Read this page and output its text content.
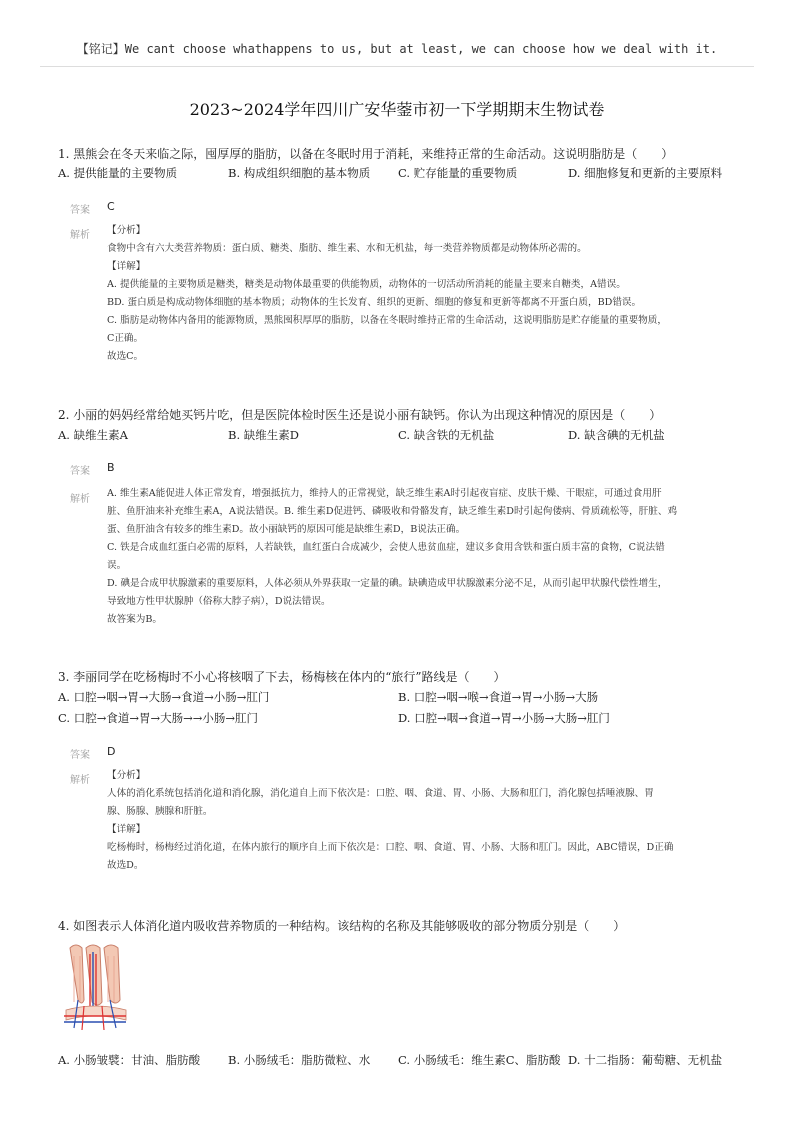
【铭记】We cant choose whathappens to us, but at least, we can choose how we deal with it.
2023~2024学年四川广安华蓥市初一下学期期末生物试卷
1. 黑熊会在冬天来临之际，囤厚厚的脂肪，以备在冬眠时用于消耗，来维持正常的生命活动。这说明脂肪是（　　）
A. 提供能量的主要物质	B. 构成组织细胞的基本物质 C. 贮存能量的重要物质	D. 细胞修复和更新的主要原料
答案 C
解析 【分析】
食物中含有六大类营养物质：蛋白质、糖类、脂肪、维生素、水和无机盐，每一类营养物质都是动物体所必需的。
【详解】
A. 提供能量的主要物质是糖类，糖类是动物体最重要的供能物质，动物体的一切活动所消耗的能量主要来自糖类，A错误。
BD. 蛋白质是构成动物体细胞的基本物质；动物体的生长发育、组织的更新、细胞的修复和更新等都离不开蛋白质，BD错误。
C. 脂肪是动物体内备用的能源物质，黑熊囤积厚厚的脂肪，以备在冬眠时维持正常的生命活动，这说明脂肪是贮存能量的重要物质，
C正确。
故选C。
2. 小丽的妈妈经常给她买钙片吃，但是医院体检时医生还是说小丽有缺钙。你认为出现这种情况的原因是（　　）
A. 缺维生素A	B. 缺维生素D	C. 缺含铁的无机盐	D. 缺含碘的无机盐
答案 B
解析
A. 维生素A能促进人体正常发育，增强抵抗力，维持人的正常视觉，缺乏维生素A时引起夜盲症、皮肤干燥、干眼症，可通过食用肝
脏、鱼肝油来补充维生素A，A说法错误。B. 维生素D促进钙、磷吸收和骨骼发育，缺乏维生素D时引起佝偻病、骨质疏松等，肝脏、鸡
蛋、鱼肝油含有较多的维生素D。故小丽缺钙的原因可能是缺维生素D，B说法正确。
C. 铁是合成血红蛋白必需的原料，人若缺铁，血红蛋白合成减少，会使人患贫血症，建议多食用含铁和蛋白质丰富的食物，C说法错
误。
D. 碘是合成甲状腺激素的重要原料，人体必须从外界获取一定量的碘。缺碘造成甲状腺激素分泌不足，从而引起甲状腺代偿性增生，
导致地方性甲状腺肿（俗称大脖子病），D说法错误。
故答案为B。
3. 李丽同学在吃杨梅时不小心将核咽了下去，杨梅核在体内的“旅行”路线是（　　）
A. 口腔→咽→胃→大肠→食道→小肠→肛门	B. 口腔→咽→喉→食道→胃→小肠→大肠
C. 口腔→食道→胃→大肠→→小肠→肛门	D. 口腔→咽→食道→胃→小肠→大肠→肛门
答案 D
解析 【分析】
人体的消化系统包括消化道和消化腺，消化道自上而下依次是：口腔、咽、食道、胃、小肠、大肠和肛门，消化腺包括唾液腺、胃
腺、肠腺、胰腺和肝脏。
【详解】
吃杨梅时，杨梅经过消化道，在体内旅行的顺序自上而下依次是：口腔、咽、食道、胃、小肠、大肠和肛门。因此，ABC错误，D正确
故选D。
4. 如图表示人体消化道内吸收营养物质的一种结构。该结构的名称及其能够吸收的部分物质分别是（　　）
A. 小肠皱襞：甘油、脂肪酸 B. 小肠绒毛：脂肪微粒、水 C. 小肠绒毛：维生素C、脂肪酸 D. 十二指肠：葡萄糖、无机盐
